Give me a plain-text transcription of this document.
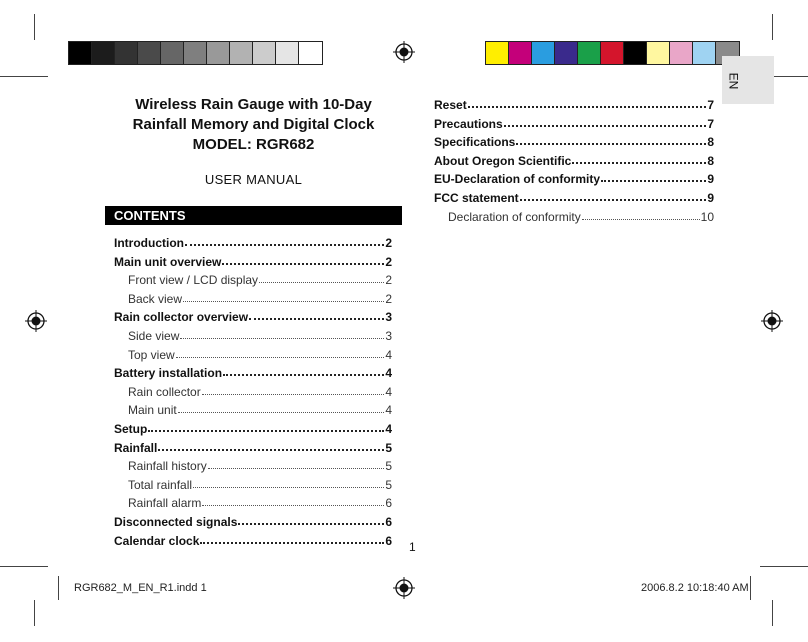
EN
Wireless Rain Gauge with 10-Day
Rainfall Memory and Digital Clock
MODEL: RGR682
USER MANUAL
CONTENTS
Introduction	2
Main unit overview	2
Front view / LCD display	2
Back view	2
Rain collector overview	3
Side view	3
Top view	4
Battery installation	4
Rain collector	4
Main unit	4
Setup	4
Rainfall	5
Rainfall history	5
Total rainfall	5
Rainfall alarm	6
Disconnected signals	6
Calendar clock	6
Reset	7
Precautions	7
Specifications	8
About Oregon Scientific	8
EU-Declaration of conformity	9
FCC statement	9
Declaration of conformity	10
1
RGR682_M_EN_R1.indd 1	2006.8.2 10:18:40 AM
